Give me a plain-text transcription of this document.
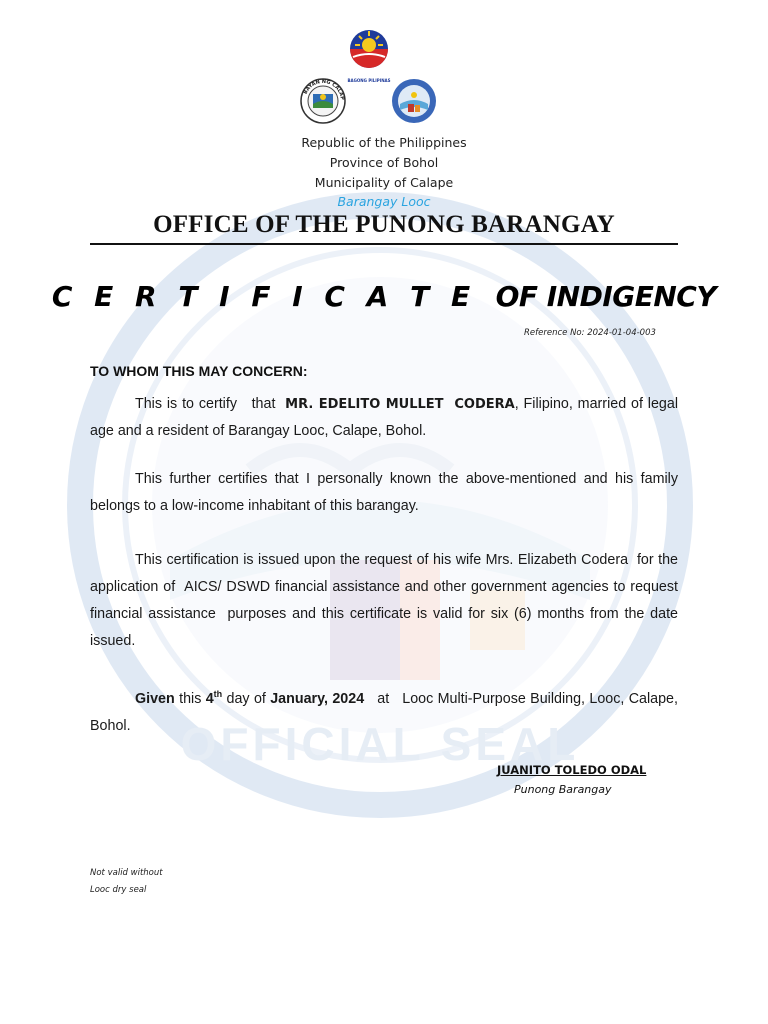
OFFICIAL SEAL
BAGONG PILIPINAS
BAYAN NG CALAP
Republic of the Philippines
Province of Bohol
Municipality of Calape
Barangay Looc
OFFICE OF THE PUNONG BARANGAY
C E R T I F I C A T E OF INDIGENCY
Reference No: 2024-01-04-003
TO WHOM THIS MAY CONCERN:
This is to certify   that  MR. EDELITO MULLET  CODERA, Filipino, married of legal age and a resident of Barangay Looc, Calape, Bohol.
This further certifies that I personally known the above-mentioned and his family belongs to a low-income inhabitant of this barangay.
This certification is issued upon the request of his wife Mrs. Elizabeth Codera  for the application of  AICS/ DSWD financial assistance and other government agencies to request financial assistance  purposes and this certificate is valid for six (6) months from the date issued.
Given this 4th day of January, 2024   at   Looc Multi-Purpose Building, Looc, Calape, Bohol.
JUANITO TOLEDO ODAL
Punong Barangay
Not valid without
Looc dry seal
